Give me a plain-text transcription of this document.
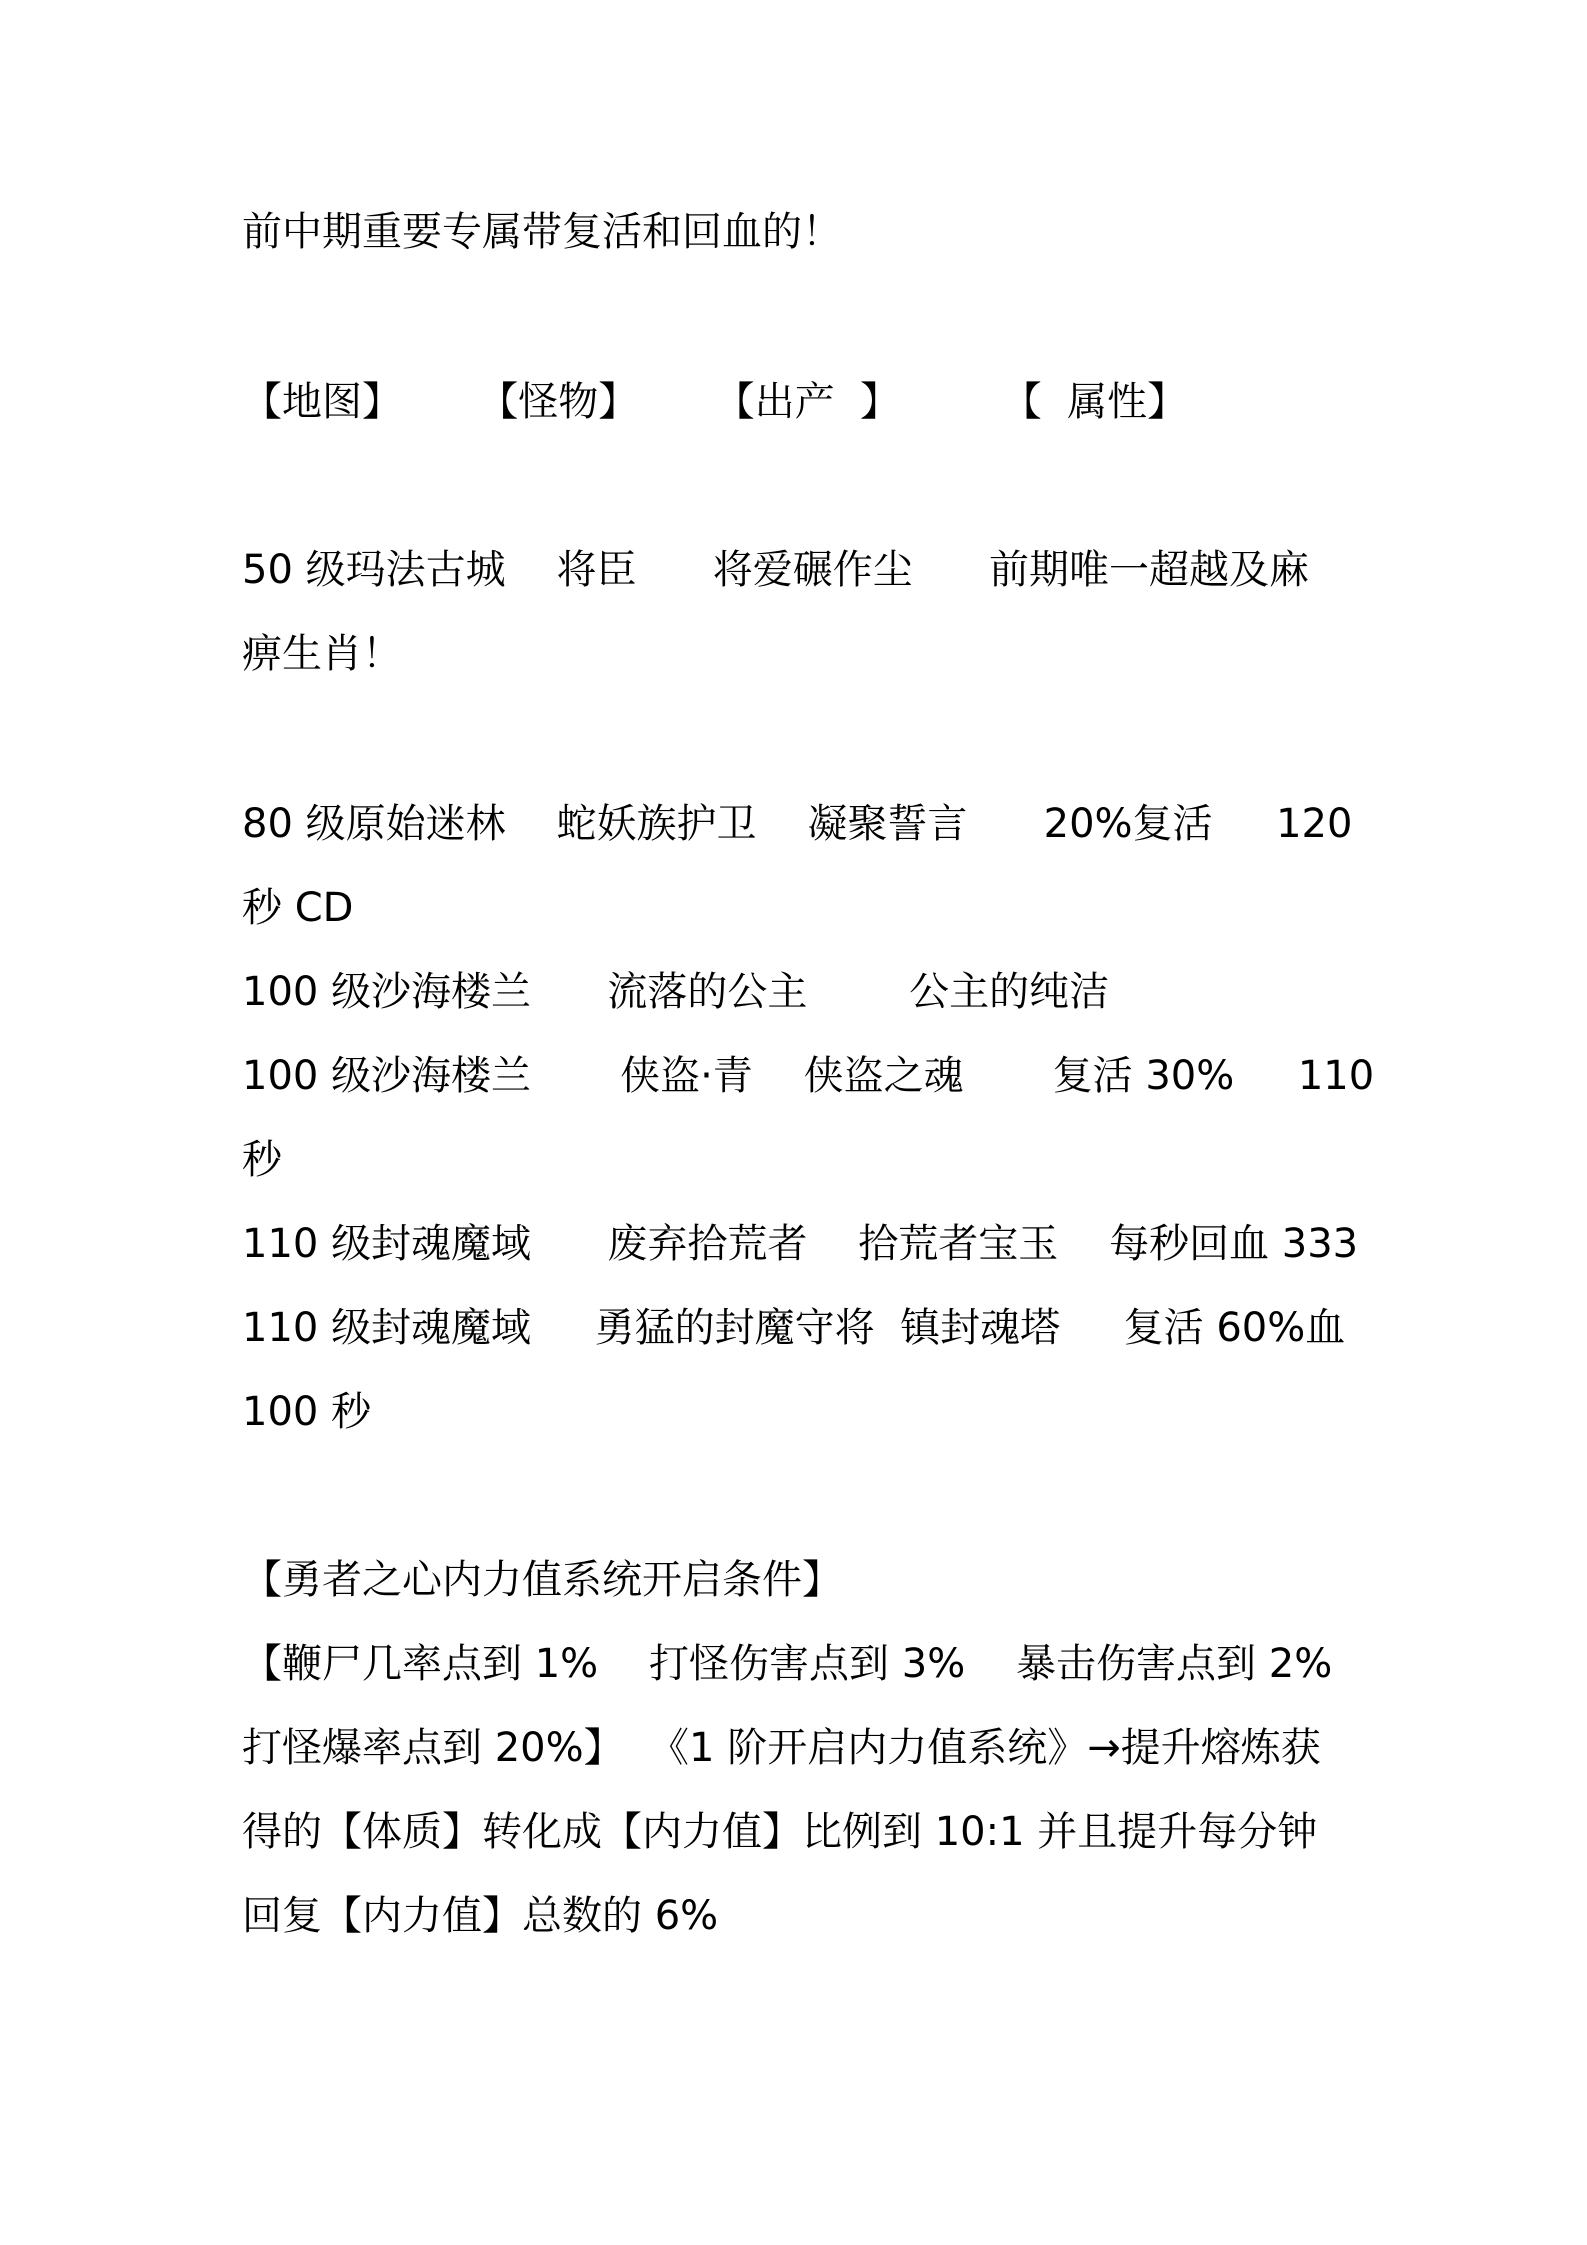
前中期重要专属带复活和回血的！

【地图】      【怪物】      【出产  】        【  属性】

50 级玛法古城    将臣      将爱碾作尘      前期唯一超越及麻

痹生肖！

80 级原始迷林    蛇妖族护卫    凝聚誓言      20%复活     120

秒 CD

100 级沙海楼兰      流落的公主        公主的纯洁

100 级沙海楼兰       侠盗·青    侠盗之魂       复活 30%     110

秒

110 级封魂魔域      废弃拾荒者    拾荒者宝玉    每秒回血 333

110 级封魂魔域     勇猛的封魔守将  镇封魂塔     复活 60%血

100 秒

【勇者之心内力值系统开启条件】

【鞭尸几率点到 1%    打怪伤害点到 3%    暴击伤害点到 2%

打怪爆率点到 20%】  《1 阶开启内力值系统》→提升熔炼获

得的【体质】转化成【内力值】比例到 10:1 并且提升每分钟

回复【内力值】总数的 6%
